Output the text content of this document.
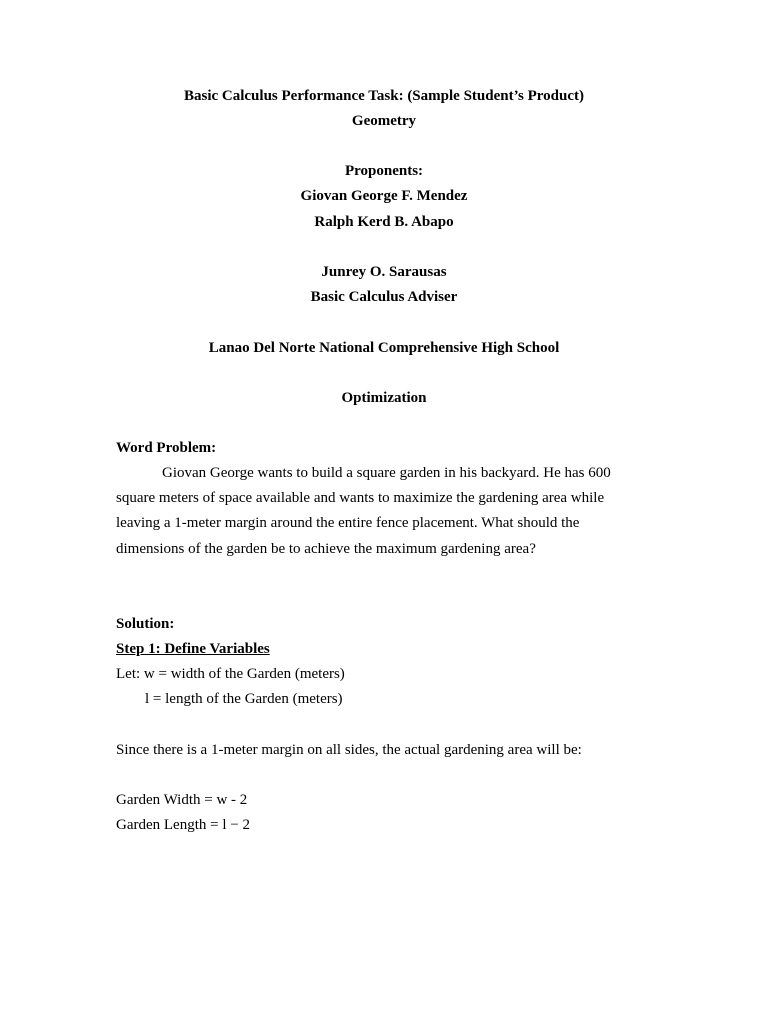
Basic Calculus Performance Task: (Sample Student’s Product)
Geometry
Proponents:
Giovan George F. Mendez
Ralph Kerd B. Abapo
Junrey O. Sarausas
Basic Calculus Adviser
Lanao Del Norte National Comprehensive High School
Optimization
Word Problem:
Giovan George wants to build a square garden in his backyard. He has 600
square meters of space available and wants to maximize the gardening area while
leaving a 1-meter margin around the entire fence placement. What should the
dimensions of the garden be to achieve the maximum gardening area?
Solution:
Step 1: Define Variables
Let: w = width of the Garden (meters)
l = length of the Garden (meters)
Since there is a 1-meter margin on all sides, the actual gardening area will be:
Garden Width = w - 2
Garden Length = l − 2
